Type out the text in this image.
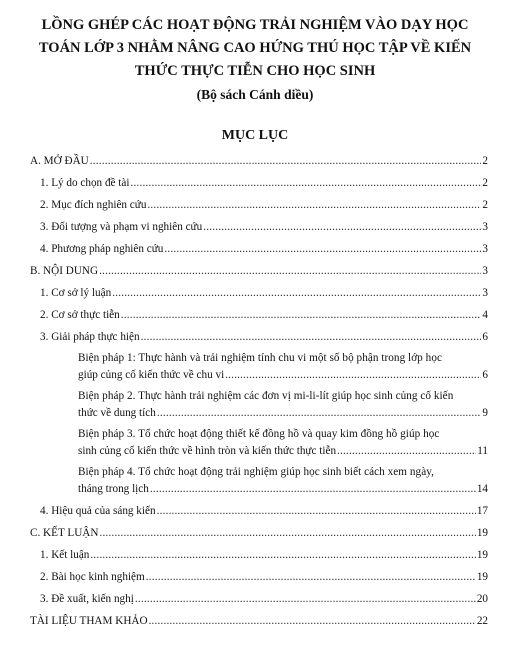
LỒNG GHÉP CÁC HOẠT ĐỘNG TRẢI NGHIỆM VÀO DẠY HỌC
TOÁN LỚP 3 NHẰM NÂNG CAO HỨNG THÚ HỌC TẬP VỀ KIẾN
THỨC THỰC TIỄN CHO HỌC SINH
(Bộ sách Cánh diều)
MỤC LỤC
A. MỞ ĐẦU .....	2
1. Lý do chọn đề tài .....	2
2. Mục đích nghiên cứu .....	2
3. Đối tượng và phạm vi nghiên cứu .....	3
4. Phương pháp nghiên cứu .....	3
B. NỘI DUNG .....	3
1. Cơ sở lý luận .....	3
2. Cơ sở thực tiễn .....	4
3. Giải pháp thực hiện .....	6
Biện pháp 1: Thực hành và trải nghiệm tính chu vi một số bộ phận trong lớp học
giúp củng cố kiến thức về chu vi .....	6
Biện pháp 2. Thực hành trải nghiệm các đơn vị mi-li-lít giúp học sinh củng cố kiến
thức về dung tích .....	9
Biện pháp 3. Tổ chức hoạt động thiết kế đồng hồ và quay kim đồng hồ giúp học
sinh củng cố kiến thức về hình tròn và kiến thức thực tiễn .....	11
Biện pháp 4. Tổ chức hoạt động trải nghiệm giúp học sinh biết cách xem ngày,
tháng trong lịch .....	14
4. Hiệu quả của sáng kiến .....	17
C. KẾT LUẬN .....	19
1. Kết luận .....	19
2. Bài học kinh nghiệm .....	19
3. Đề xuất, kiến nghị .....	20
TÀI LIỆU THAM KHẢO .....	22
